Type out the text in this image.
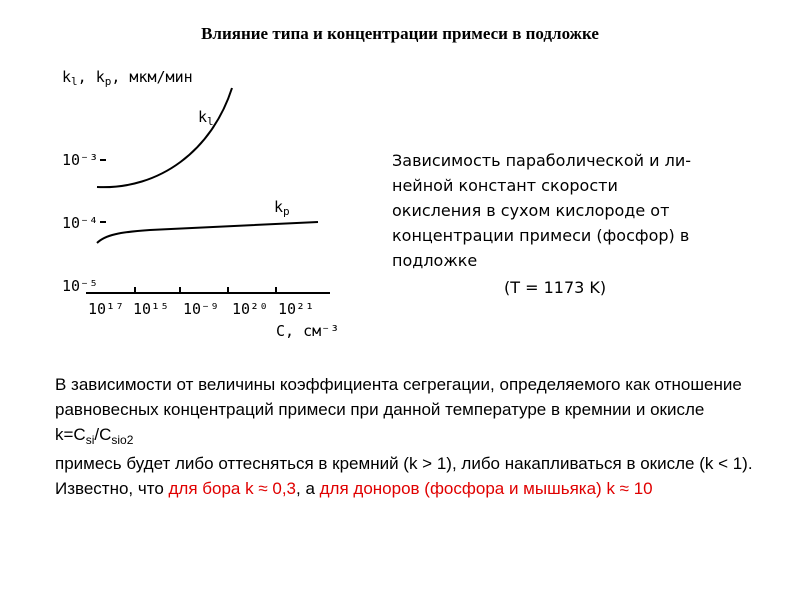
Влияние типа и концентрации примеси в подложке
$k_l$, $k_p$, мкм/мин
10⁻³
10⁻⁴
10⁻⁵
10¹⁷ 10¹⁵ 10⁻⁹ 10²⁰ 10²¹
C, см⁻³
$k_l$
$k_p$
Зависимость параболической и ли-
нейной констант скорости
окисления в сухом кислороде от
концентрации примеси (фосфор) в
подложке
(T = 1173 K)

В зависимости от величины коэффициента сегрегации, определяемого как отношение равновесных концентраций примеси при данной температуре в кремнии и окисле

$k=C_{si}/C_{sio2}$

примесь будет либо оттесняться в кремний (k > 1), либо накапливаться в окисле (k < 1). Известно, что для бора k ≈ 0,3, а для доноров (фосфора и мышьяка) k ≈ 10
